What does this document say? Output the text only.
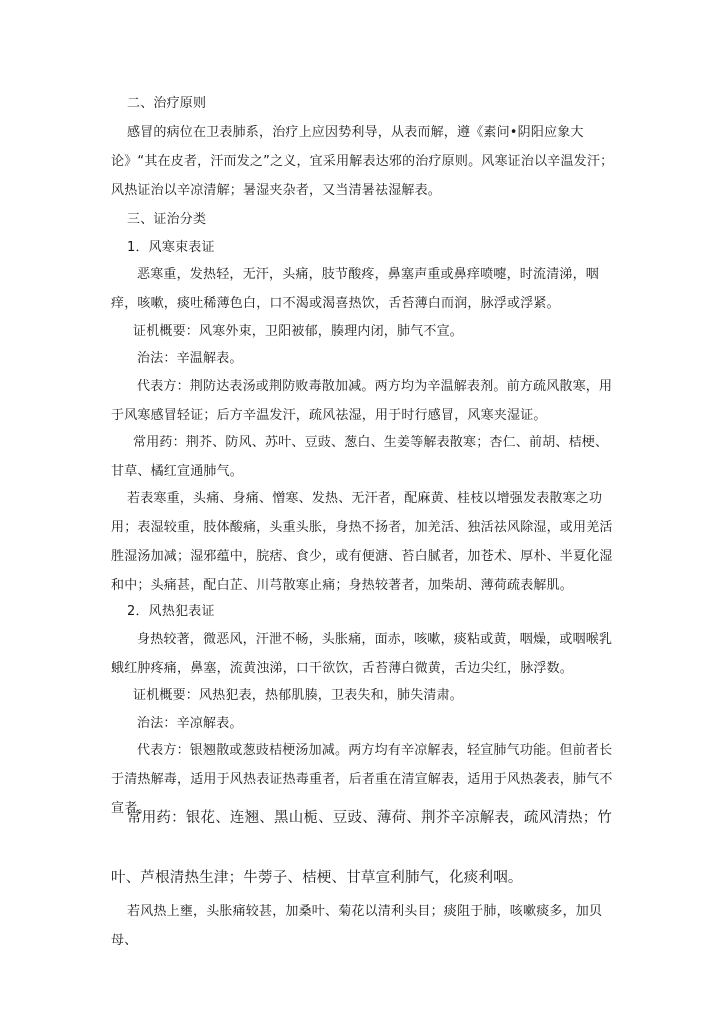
二、治疗原则

感冒的病位在卫表肺系，治疗上应因势利导，从表而解，遵《素问•阴阳应象大论》“其在皮者，汗而发之”之义，宜采用解表达邪的治疗原则。风寒证治以辛温发汗；风热证治以辛凉清解；暑湿夹杂者，又当清暑祛湿解表。

三、证治分类

1．风寒束表证

恶寒重，发热轻，无汗，头痛，肢节酸疼，鼻塞声重或鼻痒喷嚏，时流清涕，咽痒，咳嗽，痰吐稀薄色白，口不渴或渴喜热饮，舌苔薄白而润，脉浮或浮紧。

证机概要：风寒外束，卫阳被郁，腠理内闭，肺气不宣。

治法：辛温解表。

代表方：荆防达表汤或荆防败毒散加减。两方均为辛温解表剂。前方疏风散寒，用于风寒感冒轻证；后方辛温发汗，疏风祛湿，用于时行感冒，风寒夹湿证。

常用药：荆芥、防风、苏叶、豆豉、葱白、生姜等解表散寒；杏仁、前胡、桔梗、甘草、橘红宣通肺气。

若表寒重，头痛、身痛、憎寒、发热、无汗者，配麻黄、桂枝以增强发表散寒之功用；表湿较重，肢体酸痛，头重头胀，身热不扬者，加羌活、独活祛风除湿，或用羌活胜湿汤加减；湿邪蕴中，脘痞、食少，或有便溏、苔白腻者，加苍术、厚朴、半夏化湿和中；头痛甚，配白芷、川芎散寒止痛；身热较著者，加柴胡、薄荷疏表解肌。

2．风热犯表证

身热较著，微恶风，汗泄不畅，头胀痛，面赤，咳嗽，痰粘或黄，咽燥，或咽喉乳蛾红肿疼痛，鼻塞，流黄浊涕，口干欲饮，舌苔薄白微黄，舌边尖红，脉浮数。

证机概要：风热犯表，热郁肌腠，卫表失和，肺失清肃。

治法：辛凉解表。

代表方：银翘散或葱豉桔梗汤加减。两方均有辛凉解表，轻宣肺气功能。但前者长于清热解毒，适用于风热表证热毒重者，后者重在清宣解表，适用于风热袭表，肺气不宣者。

常用药：银花、连翘、黑山栀、豆豉、薄荷、荆芥辛凉解表，疏风清热；竹叶、芦根清热生津；牛蒡子、桔梗、甘草宣利肺气，化痰利咽。

若风热上壅，头胀痛较甚，加桑叶、菊花以清利头目；痰阻于肺，咳嗽痰多，加贝母、
